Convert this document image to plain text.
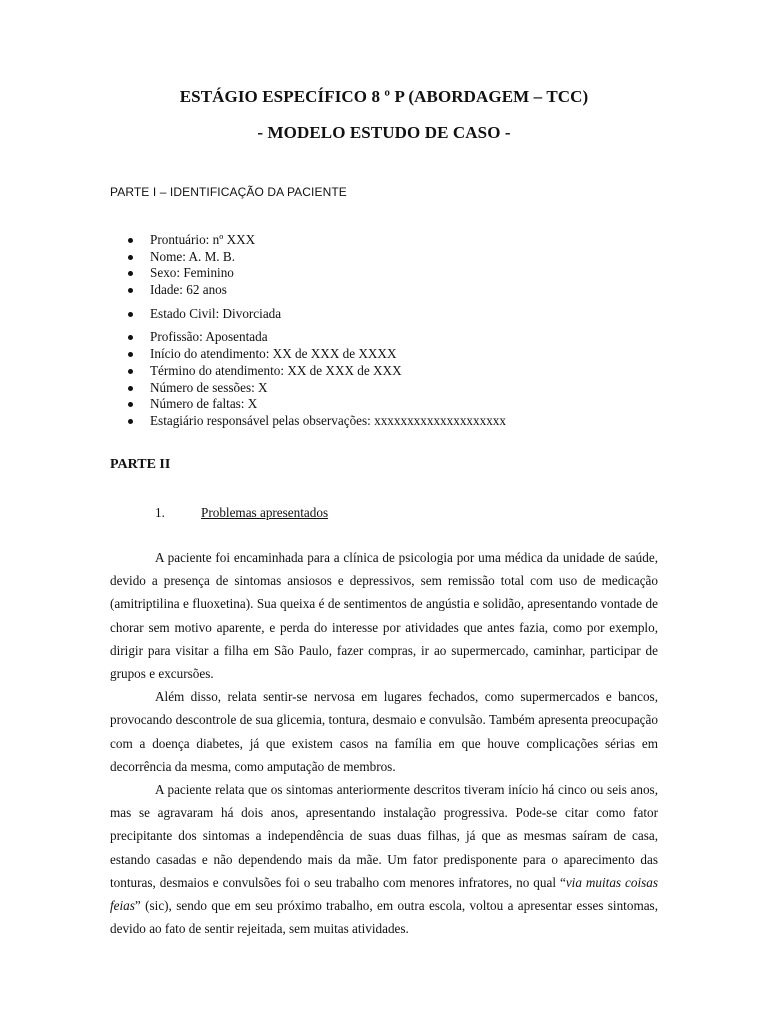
ESTÁGIO ESPECÍFICO 8 º P (ABORDAGEM – TCC)
- MODELO ESTUDO DE CASO -
PARTE I – IDENTIFICAÇÃO DA PACIENTE
Prontuário: nº XXX
Nome: A. M. B.
Sexo: Feminino
Idade: 62 anos
Estado Civil: Divorciada
Profissão: Aposentada
Início do atendimento: XX de XXX de XXXX
Término do atendimento: XX de XXX de XXX
Número de sessões: X
Número de faltas: X
Estagiário responsável pelas observações: xxxxxxxxxxxxxxxxxxxx
PARTE II
1.	Problemas apresentados

A paciente foi encaminhada para a clínica de psicologia por uma médica da unidade de saúde, devido a presença de sintomas ansiosos e depressivos, sem remissão total com uso de medicação (amitriptilina e fluoxetina). Sua queixa é de sentimentos de angústia e solidão, apresentando vontade de chorar sem motivo aparente, e perda do interesse por atividades que antes fazia, como por exemplo, dirigir para visitar a filha em São Paulo, fazer compras, ir ao supermercado, caminhar, participar de grupos e excursões.

Além disso, relata sentir-se nervosa em lugares fechados, como supermercados e bancos, provocando descontrole de sua glicemia, tontura, desmaio e convulsão. Também apresenta preocupação com a doença diabetes, já que existem casos na família em que houve complicações sérias em decorrência da mesma, como amputação de membros.

A paciente relata que os sintomas anteriormente descritos tiveram início há cinco ou seis anos, mas se agravaram há dois anos, apresentando instalação progressiva. Pode-se citar como fator precipitante dos sintomas a independência de suas duas filhas, já que as mesmas saíram de casa, estando casadas e não dependendo mais da mãe. Um fator predisponente para o aparecimento das tonturas, desmaios e convulsões foi o seu trabalho com menores infratores, no qual “via muitas coisas feias” (sic), sendo que em seu próximo trabalho, em outra escola, voltou a apresentar esses sintomas, devido ao fato de sentir rejeitada, sem muitas atividades.
